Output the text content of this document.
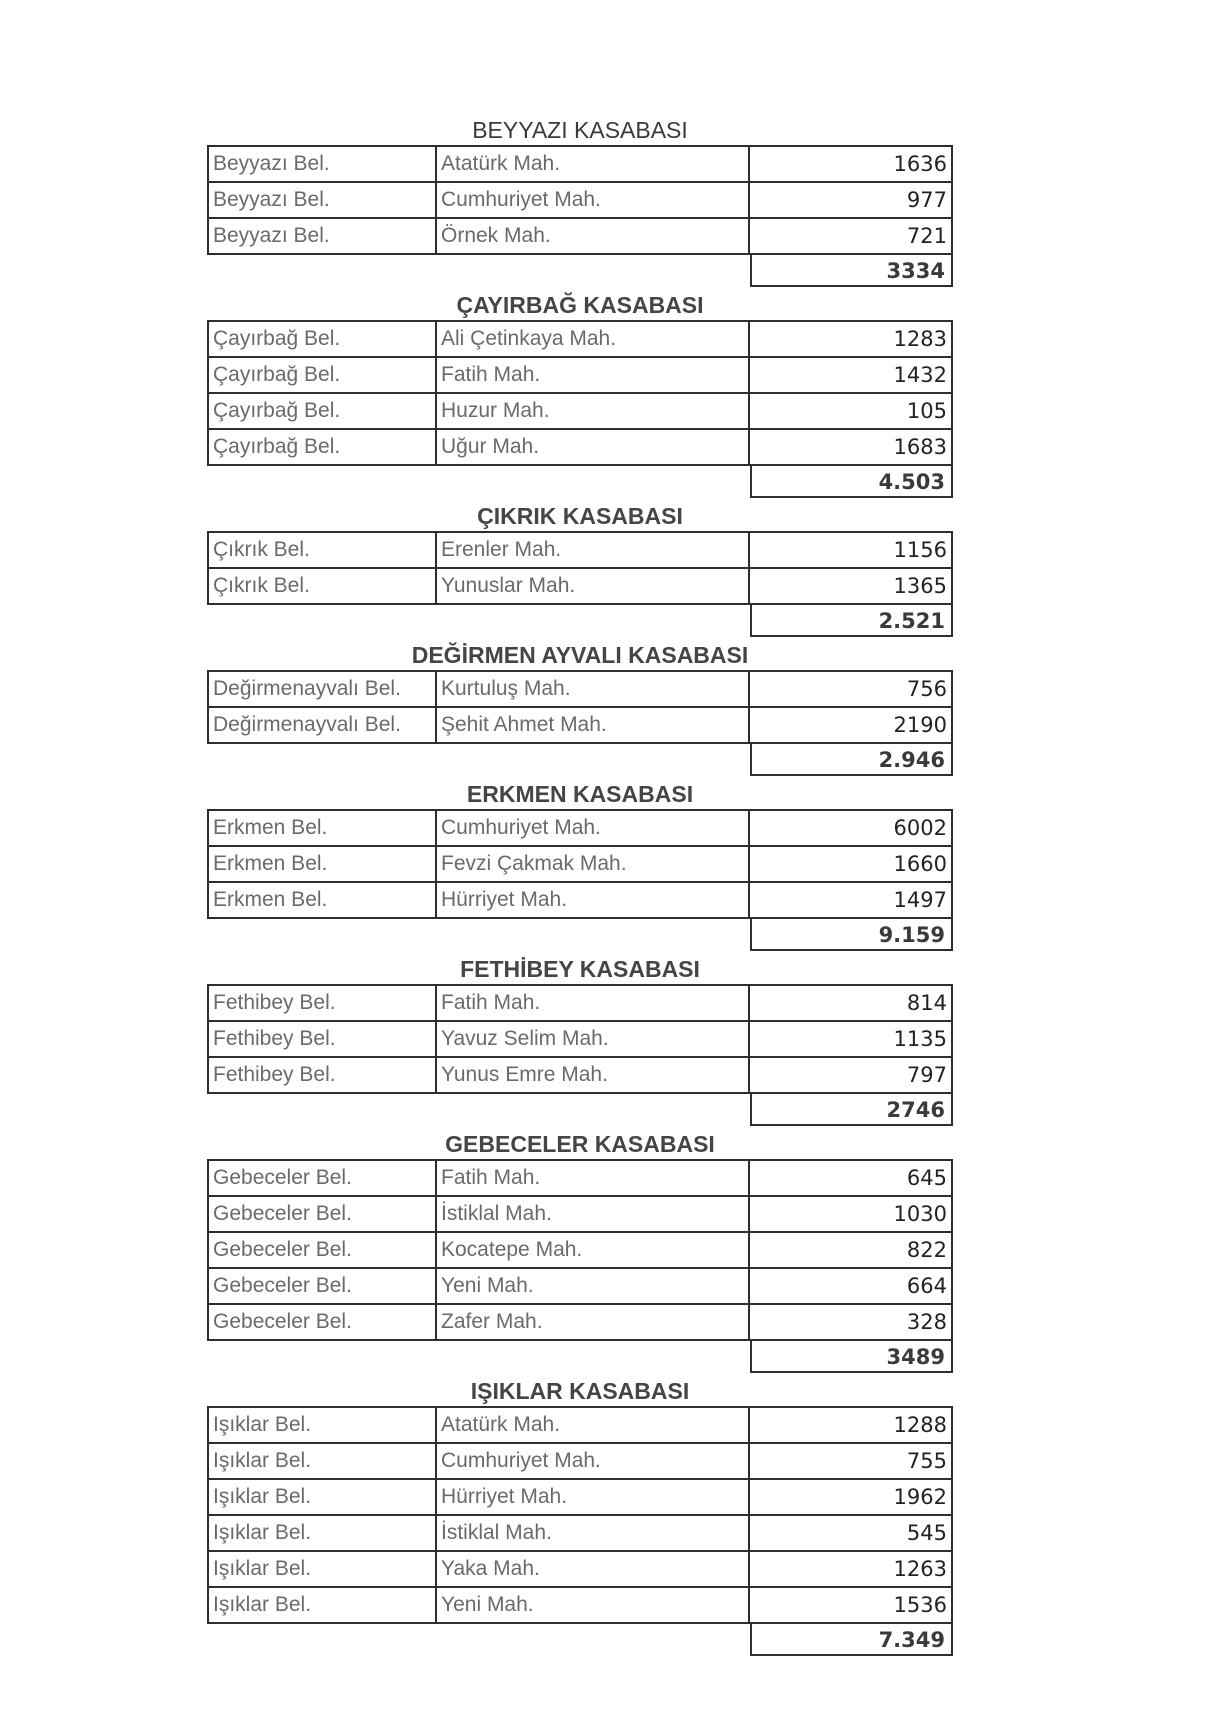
BEYYAZI KASABASI
Beyyazı Bel.	Atatürk Mah.	1636
Beyyazı Bel.	Cumhuriyet Mah.	977
Beyyazı Bel.	Örnek Mah.	721
3334
ÇAYIRBAĞ KASABASI
Çayırbağ Bel.	Ali Çetinkaya Mah.	1283
Çayırbağ Bel.	Fatih Mah.	1432
Çayırbağ Bel.	Huzur Mah.	105
Çayırbağ Bel.	Uğur Mah.	1683
4.503
ÇIKRIK KASABASI
Çıkrık Bel.	Erenler Mah.	1156
Çıkrık Bel.	Yunuslar Mah.	1365
2.521
DEĞİRMEN AYVALI KASABASI
Değirmenayvalı Bel.	Kurtuluş Mah.	756
Değirmenayvalı Bel.	Şehit Ahmet Mah.	2190
2.946
ERKMEN KASABASI
Erkmen Bel.	Cumhuriyet Mah.	6002
Erkmen Bel.	Fevzi Çakmak Mah.	1660
Erkmen Bel.	Hürriyet Mah.	1497
9.159
FETHİBEY KASABASI
Fethibey Bel.	Fatih Mah.	814
Fethibey Bel.	Yavuz Selim Mah.	1135
Fethibey Bel.	Yunus Emre Mah.	797
2746
GEBECELER KASABASI
Gebeceler Bel.	Fatih Mah.	645
Gebeceler Bel.	İstiklal Mah.	1030
Gebeceler Bel.	Kocatepe Mah.	822
Gebeceler Bel.	Yeni Mah.	664
Gebeceler Bel.	Zafer Mah.	328
3489
IŞIKLAR KASABASI
Işıklar Bel.	Atatürk Mah.	1288
Işıklar Bel.	Cumhuriyet Mah.	755
Işıklar Bel.	Hürriyet Mah.	1962
Işıklar Bel.	İstiklal Mah.	545
Işıklar Bel.	Yaka Mah.	1263
Işıklar Bel.	Yeni Mah.	1536
7.349
